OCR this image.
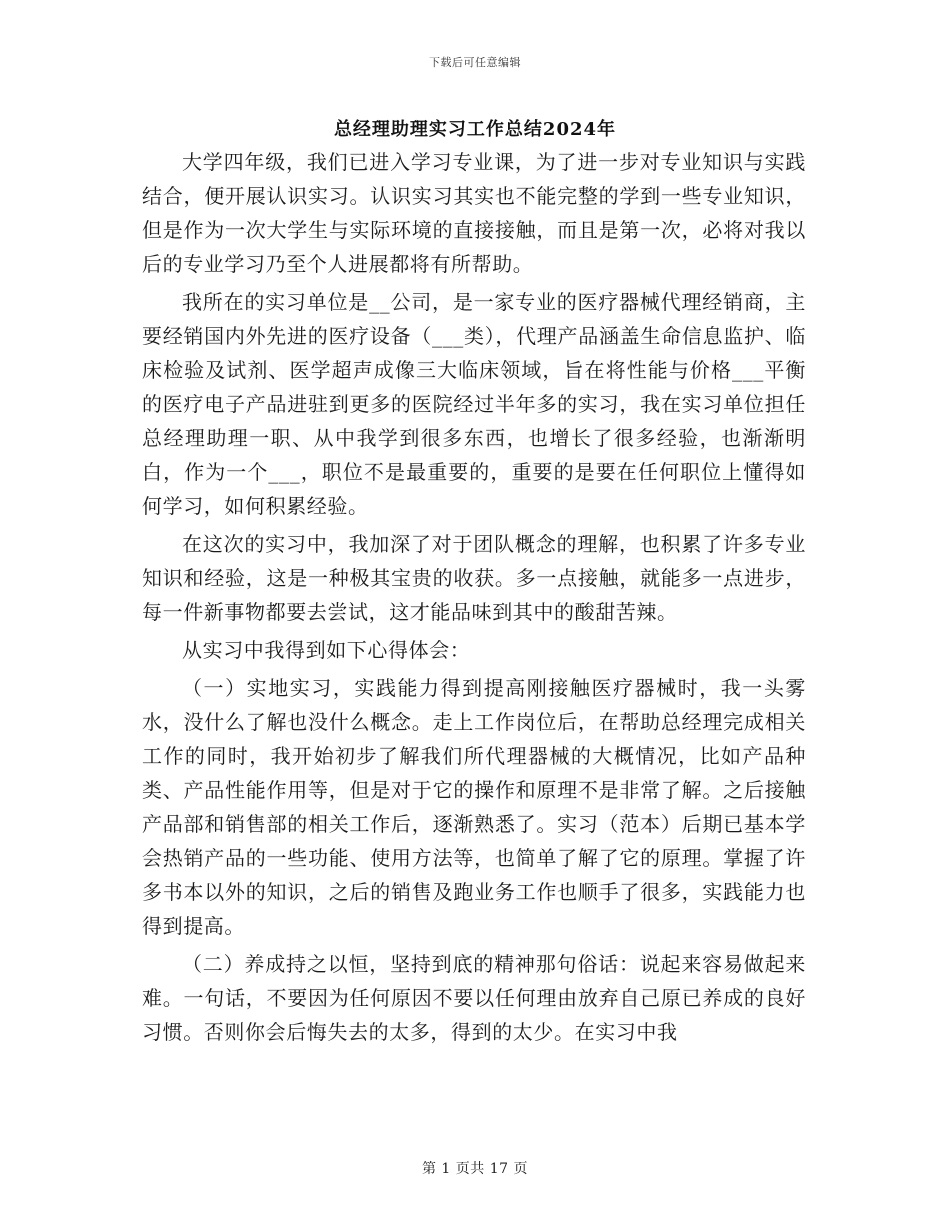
下载后可任意编辑
总经理助理实习工作总结2024年

大学四年级，我们已进入学习专业课，为了进一步对专业知识与实践结合，便开展认识实习。认识实习其实也不能完整的学到一些专业知识，但是作为一次大学生与实际环境的直接接触，而且是第一次，必将对我以后的专业学习乃至个人进展都将有所帮助。

我所在的实习单位是__公司，是一家专业的医疗器械代理经销商，主要经销国内外先进的医疗设备（___类），代理产品涵盖生命信息监护、临床检验及试剂、医学超声成像三大临床领域，旨在将性能与价格___平衡的医疗电子产品进驻到更多的医院经过半年多的实习，我在实习单位担任总经理助理一职、从中我学到很多东西，也增长了很多经验，也渐渐明白，作为一个___，职位不是最重要的，重要的是要在任何职位上懂得如何学习，如何积累经验。

在这次的实习中，我加深了对于团队概念的理解，也积累了许多专业知识和经验，这是一种极其宝贵的收获。多一点接触，就能多一点进步，每一件新事物都要去尝试，这才能品味到其中的酸甜苦辣。

从实习中我得到如下心得体会：

（一）实地实习，实践能力得到提高刚接触医疗器械时，我一头雾水，没什么了解也没什么概念。走上工作岗位后，在帮助总经理完成相关工作的同时，我开始初步了解我们所代理器械的大概情况，比如产品种类、产品性能作用等，但是对于它的操作和原理不是非常了解。之后接触产品部和销售部的相关工作后，逐渐熟悉了。实习（范本）后期已基本学会热销产品的一些功能、使用方法等，也简单了解了它的原理。掌握了许多书本以外的知识，之后的销售及跑业务工作也顺手了很多，实践能力也得到提高。

（二）养成持之以恒，坚持到底的精神那句俗话：说起来容易做起来难。一句话，不要因为任何原因不要以任何理由放弃自己原已养成的良好习惯。否则你会后悔失去的太多，得到的太少。在实习中我

第 1 页共 17 页
